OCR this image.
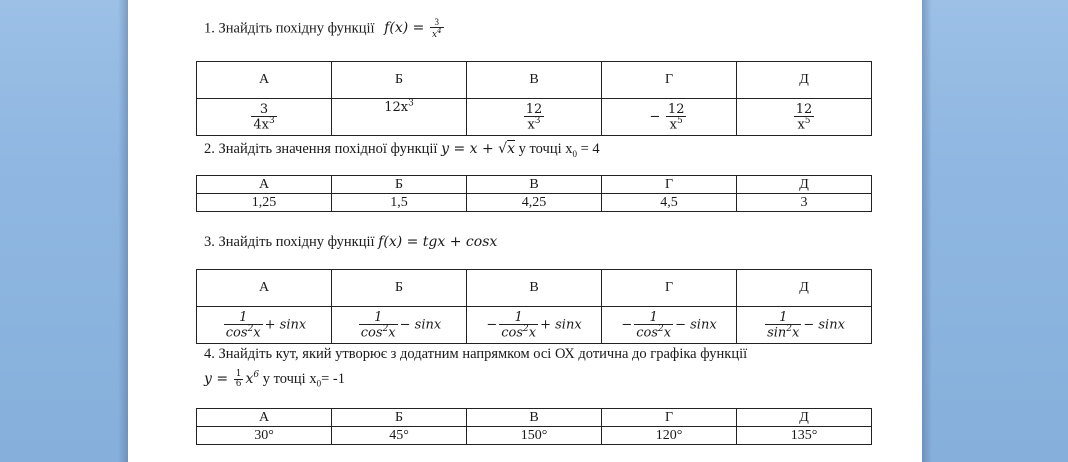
1. Знайдіть похідну функції $f(x) = \frac{3}{x^4}$
А	Б	В	Г	Д

$\frac{3}{4x^3}$	$12x^3$	$\frac{12}{x^3}$	− $\frac{12}{x^5}$	$\frac{12}{x^5}$
2. Знайдіть значення похідної функції y = x + √x у точці $х_0 = 4$
А	Б	В	Г	Д
1,25	1,5	4,25	4,5	3
3. Знайдіть похідну функції f(x) = tgx + cosx
А	Б	В	Г	Д

$\frac{1}{\cos^2x} + \sin x$	$\frac{1}{\cos^2x} - \sin x$	− $\frac{1}{\cos^2x} + \sin x$	− $\frac{1}{\cos^2x} - \sin x$	$\frac{1}{\sin^2x} - \sin x$
4. Знайдіть кут, який утворює з додатним напрямком осі ОХ дотична до графіка функції
$y = \frac{1}{6} x^6$ у точці $х_0= -1$
А	Б	В	Г	Д
30°	45°	150°	120°	135°
